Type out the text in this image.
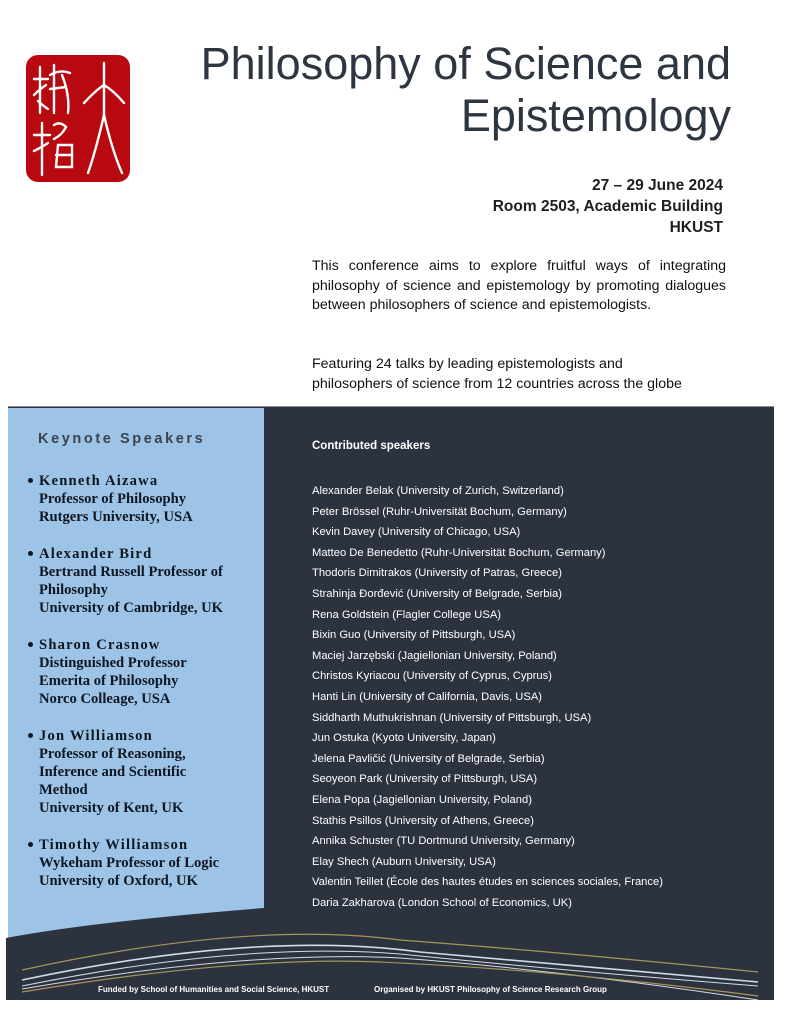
Philosophy of Science and
Epistemology
27 – 29 June 2024
Room 2503, Academic Building
HKUST

This conference aims to explore fruitful ways of integrating philosophy of science and epistemology by promoting dialogues between philosophers of science and epistemologists.

Featuring 24 talks by leading epistemologists and
philosophers of science from 12 countries across the globe
Keynote Speakers
Kenneth Aizawa
Professor of Philosophy
Rutgers University, USA
Alexander Bird
Bertrand Russell Professor of
Philosophy
University of Cambridge, UK
Sharon Crasnow
Distinguished Professor
Emerita of Philosophy
Norco Colleage, USA
Jon Williamson
Professor of Reasoning,
Inference and Scientific
Method
University of Kent, UK
Timothy Williamson
Wykeham Professor of Logic
University of Oxford, UK
Contributed speakers
Alexander Belak (University of Zurich, Switzerland)
Peter Brössel (Ruhr-Universität Bochum, Germany)
Kevin Davey (University of Chicago, USA)
Matteo De Benedetto (Ruhr-Universität Bochum, Germany)
Thodoris Dimitrakos (University of Patras, Greece)
Strahinja Đorđević (University of Belgrade, Serbia)
Rena Goldstein (Flagler College USA)
Bixin Guo (University of Pittsburgh, USA)
Maciej Jarzębski (Jagiellonian University, Poland)
Christos Kyriacou (University of Cyprus, Cyprus)
Hanti Lin (University of California, Davis, USA)
Siddharth Muthukrishnan (University of Pittsburgh, USA)
Jun Ostuka (Kyoto University, Japan)
Jelena Pavličić (University of Belgrade, Serbia)
Seoyeon Park (University of Pittsburgh, USA)
Elena Popa (Jagiellonian University, Poland)
Stathis Psillos (University of Athens, Greece)
Annika Schuster (TU Dortmund University, Germany)
Elay Shech (Auburn University, USA)
Valentin Teillet (École des hautes études en sciences sociales, France)
Daria Zakharova (London School of Economics, UK)
Funded by School of Humanities and Social Science, HKUST	Organised by HKUST Philosophy of Science Research Group
